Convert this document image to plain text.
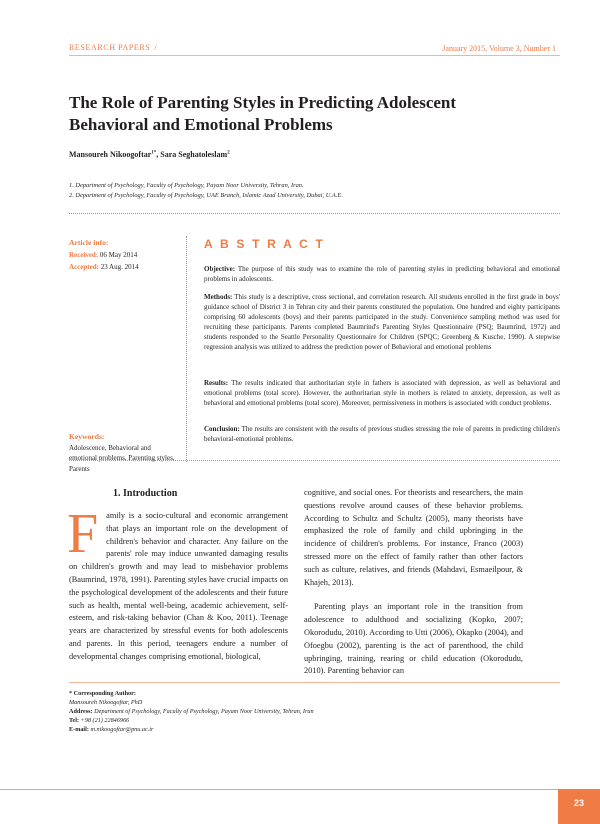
RESEARCH PAPERS /	January 2015, Volume 3, Number 1
The Role of Parenting Styles in Predicting Adolescent Behavioral and Emotional Problems
Mansoureh Nikoogoftar$^{1*}$, Sara Seghatoleslam$^2$
1. Department of Psychology, Faculty of Psychology, Payam Noor University, Tehran, Iran.
2. Department of Psychology, Faculty of Psychology, UAE Branch, Islamic Azad University, Dubai, U.A.E.
Article info:
Received: 06 May 2014
Accepted: 23 Aug. 2014
Keywords:
Adolescence, Behavioral and emotional problems, Parenting styles, Parents
A B S T R A C T

Objective: The purpose of this study was to examine the role of parenting styles in predicting behavioral and emotional problems in adolescents.

Methods: This study is a descriptive, cross sectional, and correlation research. All students enrolled in the first grade in boys' guidance school of District 3 in Tehran city and their parents constituted the population. One hundred and eighty participants comprising 60 adolescents (boys) and their parents participated in the study. Convenience sampling method was used for recruiting these participants. Parents completed Baumrind's Parenting Styles Questionnaire (PSQ; Baumrind, 1972) and students responded to the Seattle Personality Questionnaire for Children (SPQC; Greenberg & Kusche, 1990). A stepwise regression analysis was utilized to address the prediction power of Behavioral and emotional problems

Results: The results indicated that authoritarian style in fathers is associated with depression, as well as behavioral and emotional problems (total score). However, the authoritarian style in mothers is related to anxiety, depression, as well as behavioral and emotional problems (total score). Moreover, permissiveness in mothers is associated with conduct problems.

Conclusion: The results are consistent with the results of previous studies stressing the role of parents in predicting children's behavioral-emotional problems.

1. Introduction
F amily is a socio-cultural and economic arrangement that plays an important role on the development of children's behavior and character. Any failure on the parents' role may induce unwanted damaging results on children's growth and may lead to misbehavior problems (Baumrind, 1978, 1991). Parenting styles have crucial impacts on the psychological development of the adolescents and their future such as health, mental well-being, academic achievement, self-esteem, and risk-taking behavior (Chan & Koo, 2011). Teenage years are characterized by stressful events for both adolescents and parents. In this period, teenagers endure a number of developmental changes comprising emotional, biological,

cognitive, and social ones. For theorists and researchers, the main questions revolve around causes of these behavior problems. According to Schultz and Schultz (2005), many theorists have emphasized the role of family and child upbringing in the incidence of children's problems. For instance, Franco (2003) stressed more on the effect of family rather than other factors such as culture, relatives, and friends (Mahdavi, Esmaeilpour, & Khajeh, 2013).

Parenting plays an important role in the transition from adolescence to adulthood and socializing (Kopko, 2007; Okorodudu, 2010). According to Utti (2006), Okapko (2004), and Ofoegbu (2002), parenting is the act of parenthood, the child upbringing, training, rearing or child education (Okorodudu, 2010). Parenting behavior can

* Corresponding Author:
Mansoureh Nikoogoftar, PhD
Address: Department of Psychology, Faculty of Psychology, Payam Noor University, Tehran, Iran
Tel: +98 (21) 22846966
E-mail: m.nikoogoftar@pnu.ac.ir
23
